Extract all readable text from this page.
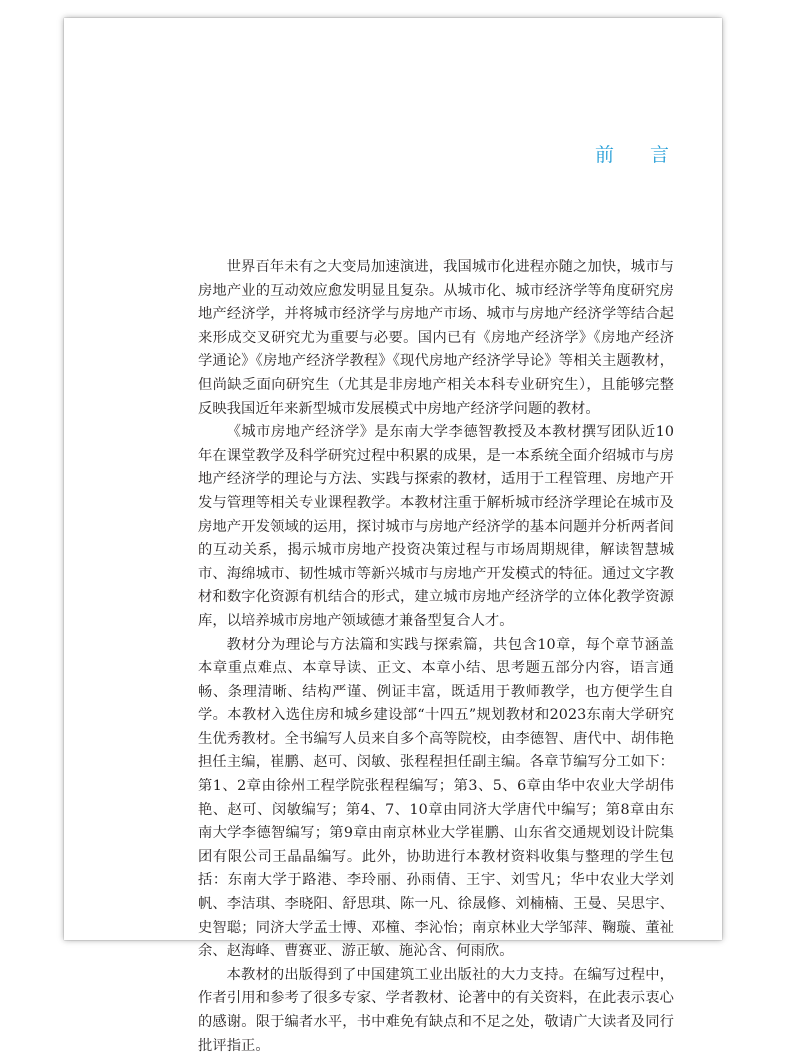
前 言

世界百年未有之大变局加速演进，我国城市化进程亦随之加快，城市与房地产业的互动效应愈发明显且复杂。从城市化、城市经济学等角度研究房地产经济学，并将城市经济学与房地产市场、城市与房地产经济学等结合起来形成交叉研究尤为重要与必要。国内已有《房地产经济学》《房地产经济学通论》《房地产经济学教程》《现代房地产经济学导论》等相关主题教材，但尚缺乏面向研究生（尤其是非房地产相关本科专业研究生），且能够完整反映我国近年来新型城市发展模式中房地产经济学问题的教材。

《城市房地产经济学》是东南大学李德智教授及本教材撰写团队近10年在课堂教学及科学研究过程中积累的成果，是一本系统全面介绍城市与房地产经济学的理论与方法、实践与探索的教材，适用于工程管理、房地产开发与管理等相关专业课程教学。本教材注重于解析城市经济学理论在城市及房地产开发领域的运用，探讨城市与房地产经济学的基本问题并分析两者间的互动关系，揭示城市房地产投资决策过程与市场周期规律，解读智慧城市、海绵城市、韧性城市等新兴城市与房地产开发模式的特征。通过文字教材和数字化资源有机结合的形式，建立城市房地产经济学的立体化教学资源库，以培养城市房地产领域德才兼备型复合人才。

教材分为理论与方法篇和实践与探索篇，共包含10章，每个章节涵盖本章重点难点、本章导读、正文、本章小结、思考题五部分内容，语言通畅、条理清晰、结构严谨、例证丰富，既适用于教师教学，也方便学生自学。本教材入选住房和城乡建设部“十四五”规划教材和2023东南大学研究生优秀教材。全书编写人员来自多个高等院校，由李德智、唐代中、胡伟艳担任主编，崔鹏、赵可、闵敏、张程程担任副主编。各章节编写分工如下：第1、2章由徐州工程学院张程程编写；第3、5、6章由华中农业大学胡伟艳、赵可、闵敏编写；第4、7、10章由同济大学唐代中编写；第8章由东南大学李德智编写；第9章由南京林业大学崔鹏、山东省交通规划设计院集团有限公司王晶晶编写。此外，协助进行本教材资料收集与整理的学生包括：东南大学于路港、李玲丽、孙雨倩、王宇、刘雪凡；华中农业大学刘帆、李洁琪、李晓阳、舒思琪、陈一凡、徐晟修、刘楠楠、王曼、吴思宇、史智聪；同济大学孟士博、邓橦、李沁怡；南京林业大学邹萍、鞠璇、董祉余、赵海峰、曹赛亚、游正敏、施沁含、何雨欣。

本教材的出版得到了中国建筑工业出版社的大力支持。在编写过程中，作者引用和参考了很多专家、学者教材、论著中的有关资料，在此表示衷心的感谢。限于编者水平，书中难免有缺点和不足之处，敬请广大读者及同行批评指正。
